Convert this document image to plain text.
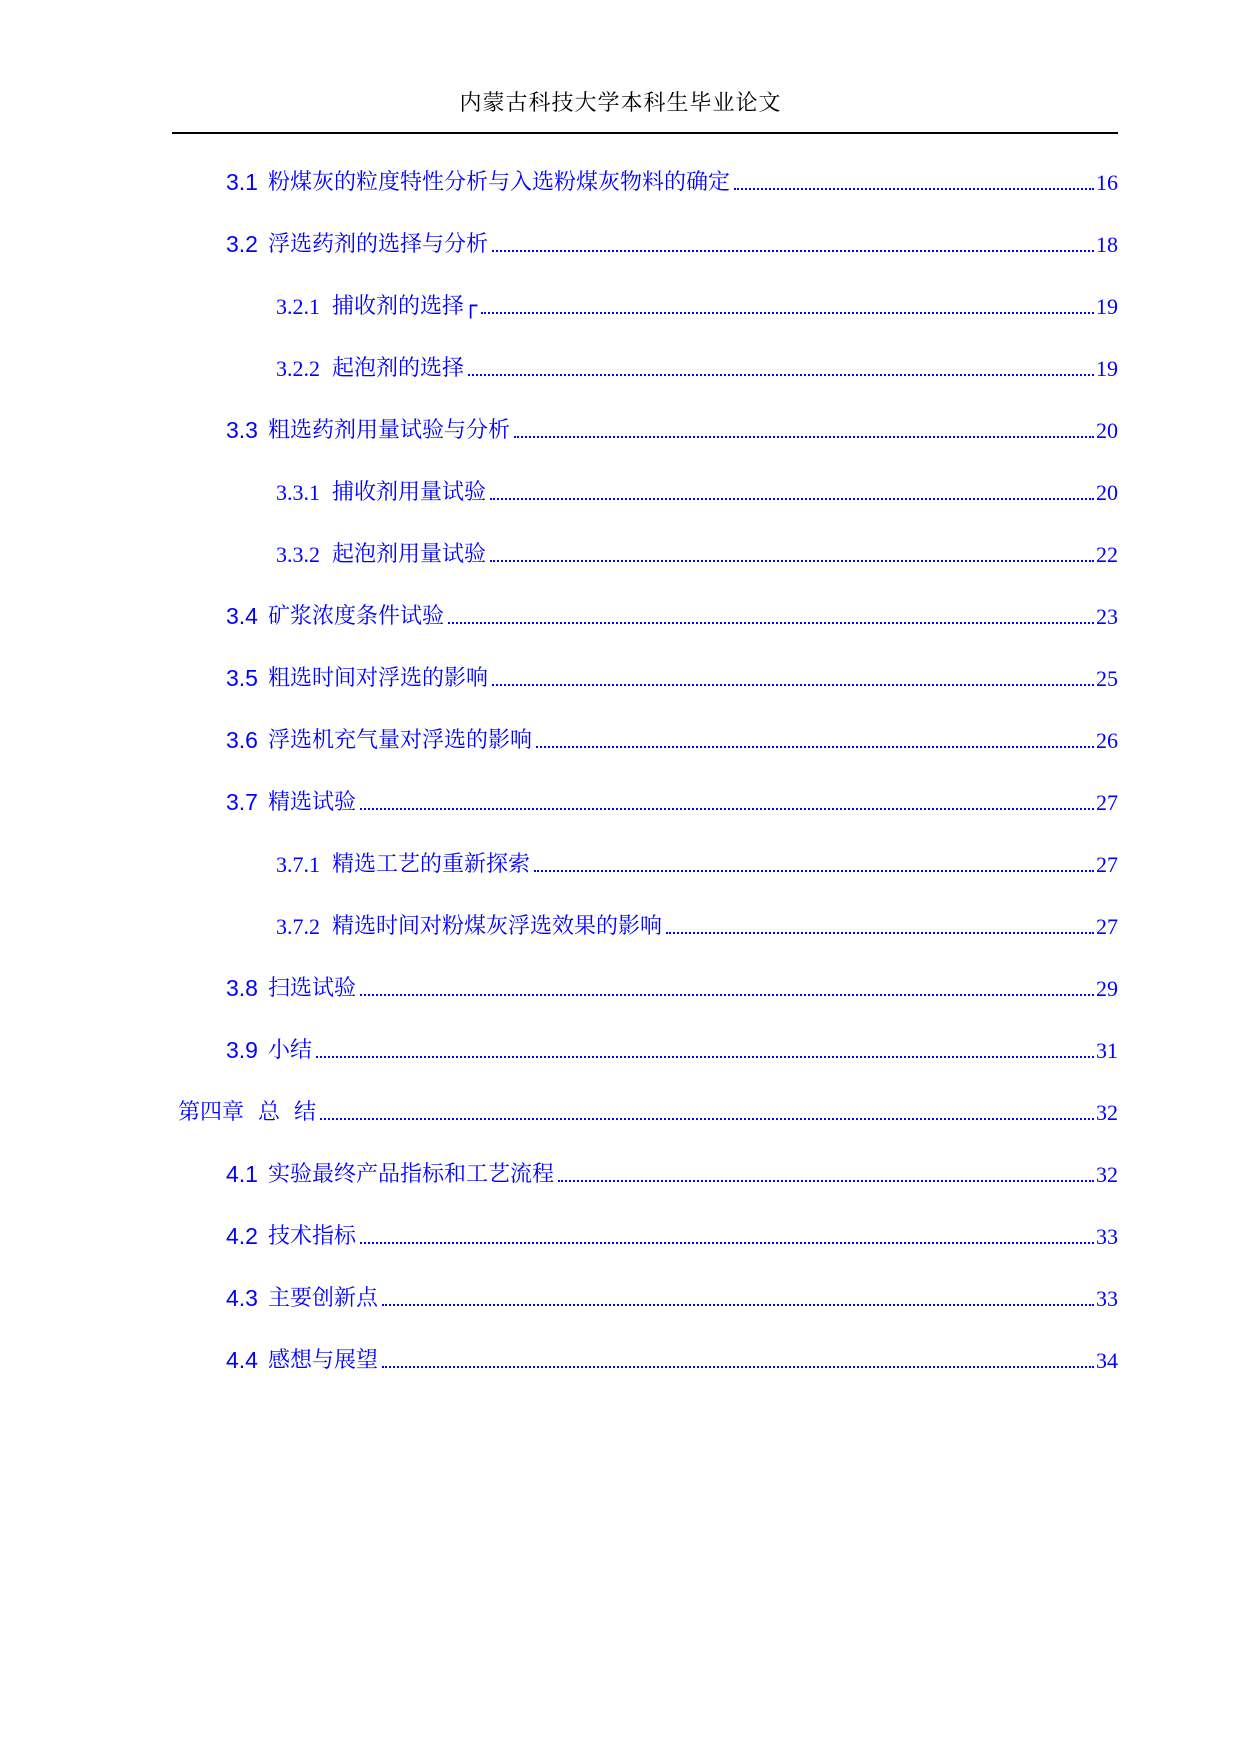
内蒙古科技大学本科生毕业论文
3.1 粉煤灰的粒度特性分析与入选粉煤灰物料的确定	16
3.2 浮选药剂的选择与分析	18
3.2.1 捕收剂的选择┌	19
3.2.2 起泡剂的选择	19
3.3 粗选药剂用量试验与分析	20
3.3.1 捕收剂用量试验	20
3.3.2 起泡剂用量试验	22
3.4 矿浆浓度条件试验	23
3.5 粗选时间对浮选的影响	25
3.6 浮选机充气量对浮选的影响	26
3.7 精选试验	27
3.7.1 精选工艺的重新探索	27
3.7.2 精选时间对粉煤灰浮选效果的影响	27
3.8 扫选试验	29
3.9 小结	31
第四章  总  结	32
4.1 实验最终产品指标和工艺流程	32
4.2 技术指标	33
4.3 主要创新点	33
4.4 感想与展望	34
